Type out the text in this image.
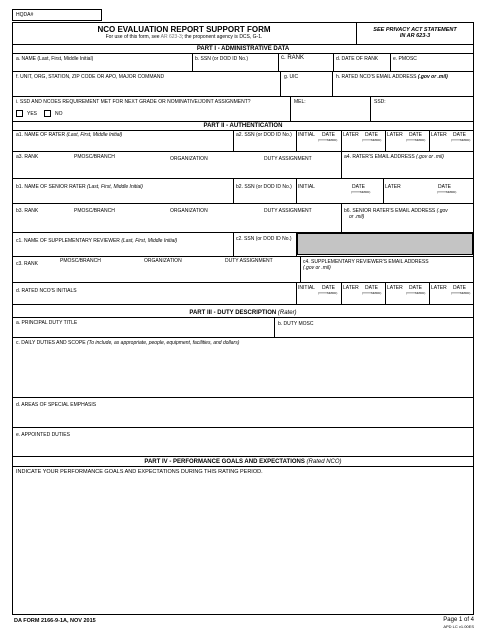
HQDA#
NCO EVALUATION REPORT SUPPORT FORM
For use of this form, see AR 623-3; the proponent agency is DCS, G-1.
SEE PRIVACY ACT STATEMENT
IN AR 623-3
PART I - ADMINISTRATIVE DATA
a. NAME (Last, First, Middle Initial)	b. SSN (or DOD ID No.)	c. RANK	d. DATE OF RANK	e. PMOSC
f. UNIT, ORG, STATION, ZIP CODE OR APO, MAJOR COMMAND	g. UIC	h. RATED NCO'S EMAIL ADDRESS (.gov or .mil)
i. SSD AND NCOES REQUIREMENT MET FOR NEXT GRADE OR NOMINATIVE/JOINT ASSIGNMENT?	MEL:	SSD:
YES	NO
PART II - AUTHENTICATION
a1. NAME OF RATER (Last, First, Middle Initial)	a2. SSN (or DOD ID No.) INITIAL DATE
(YYYYMMDD)
LATER DATE
(YYYYMMDD)
LATER DATE
(YYYYMMDD)
LATER DATE
(YYYYMMDD)
a3. RANK	PMOSC/BRANCH	ORGANIZATION	DUTY ASSIGNMENT	a4. RATER'S EMAIL ADDRESS (.gov or .mil)
b1. NAME OF SENIOR RATER (Last, First, Middle Initial)	b2. SSN (or DOD ID No.) INITIAL	DATE
(YYYYMMDD)
LATER	DATE
(YYYYMMDD)
b3. RANK	PMOSC/BRANCH	ORGANIZATION	DUTY ASSIGNMENT	b6. SENIOR RATER'S EMAIL ADDRESS (.gov
or .mil)
c1. NAME OF SUPPLEMENTARY REVIEWER (Last, First, Middle Initial)	c2. SSN (or DOD ID No.)
c3. RANK	PMOSC/BRANCH	ORGANIZATION	DUTY ASSIGNMENT	c4. SUPPLEMENTARY REVIEWER'S EMAIL ADDRESS
(.gov or .mil)
d. RATED NCO'S INITIALS	INITIAL DATE
(YYYYMMDD)
LATER DATE
(YYYYMMDD)
LATER DATE
(YYYYMMDD)
LATER DATE
(YYYYMMDD)
PART III - DUTY DESCRIPTION (Rater)
a. PRINCIPAL DUTY TITLE	b. DUTY MOSC
c. DAILY DUTIES AND SCOPE (To include, as appropriate, people, equipment, facilities, and dollars)
d. AREAS OF SPECIAL EMPHASIS
e. APPOINTED DUTIES
PART IV - PERFORMANCE GOALS AND EXPECTATIONS (Rated NCO)
INDICATE YOUR PERFORMANCE GOALS AND EXPECTATIONS DURING THIS RATING PERIOD.
DA FORM 2166-9-1A, NOV 2015	Page 1 of 4
APD LC v1.00ES
